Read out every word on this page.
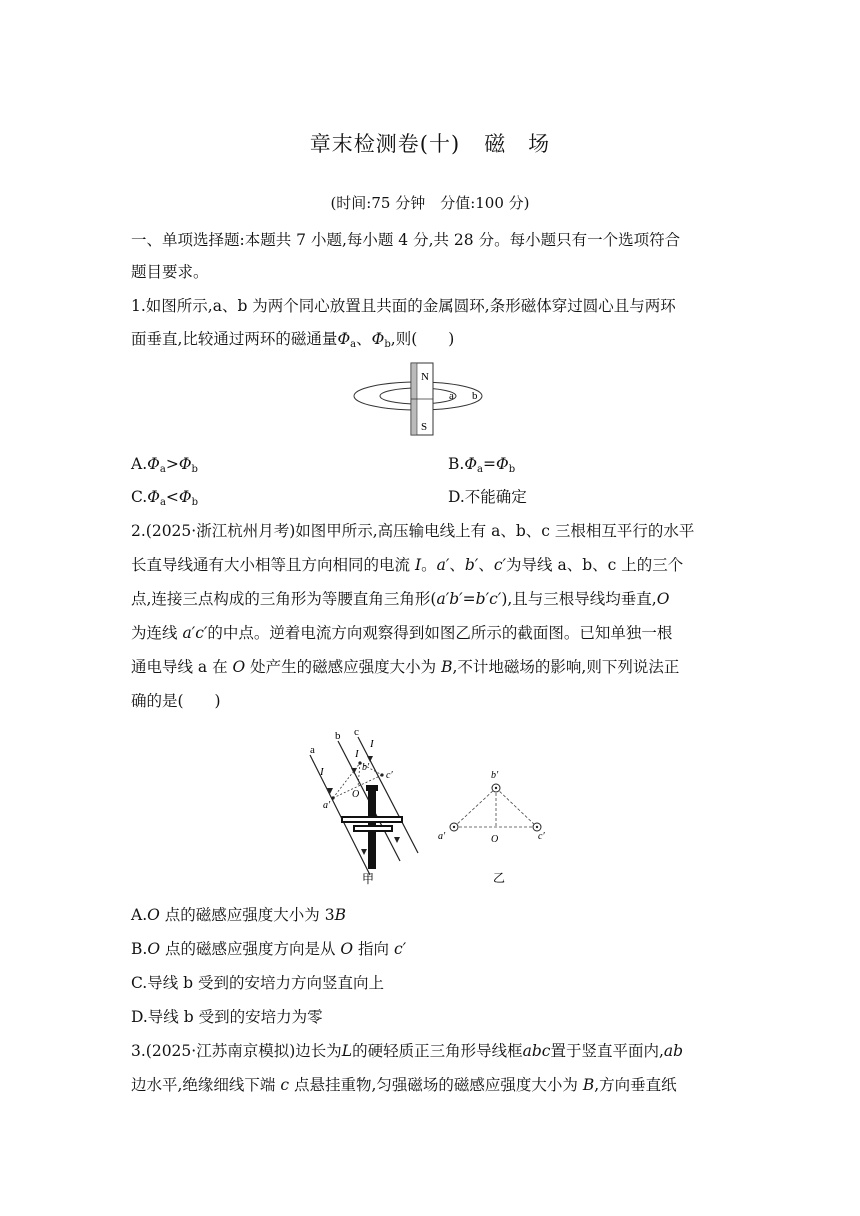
章末检测卷(十) 磁　场
(时间:75 分钟　分值:100 分)
一、单项选择题:本题共 7 小题,每小题 4 分,共 28 分。每小题只有一个选项符合
题目要求。
1.如图所示,a、b 为两个同心放置且共面的金属圆环,条形磁体穿过圆心且与两环
面垂直,比较通过两环的磁通量$\Phi_a$、$\Phi_b$,则(　　)
N
S
a b
$A.\Phi_a>\Phi_b$	$B.\Phi_a=\Phi_b$
$C.\Phi_a<\Phi_b$	D.不能确定
2.(2025·浙江杭州月考)如图甲所示,高压输电线上有 a、b、c 三根相互平行的水平
长直导线通有大小相等且方向相同的电流 I。a′、b′、c′为导线 a、b、c 上的三个
点,连接三点构成的三角形为等腰直角三角形(a′b′=b′c′),且与三根导线均垂直,O
为连线 a′c′的中点。逆着电流方向观察得到如图乙所示的截面图。已知单独一根
通电导线 a 在 O 处产生的磁感应强度大小为 B,不计地磁场的影响,则下列说法正
确的是(　　)
a
b c
I
I
I
a′
b′
c′
O
甲
b′
a′	c′
O
乙
A.O 点的磁感应强度大小为 3B
B.O 点的磁感应强度方向是从 O 指向 c′
C.导线 b 受到的安培力方向竖直向上
D.导线 b 受到的安培力为零
3.(2025·江苏南京模拟)边长为L的硬轻质正三角形导线框abc置于竖直平面内,ab
边水平,绝缘细线下端 c 点悬挂重物,匀强磁场的磁感应强度大小为 B,方向垂直纸
